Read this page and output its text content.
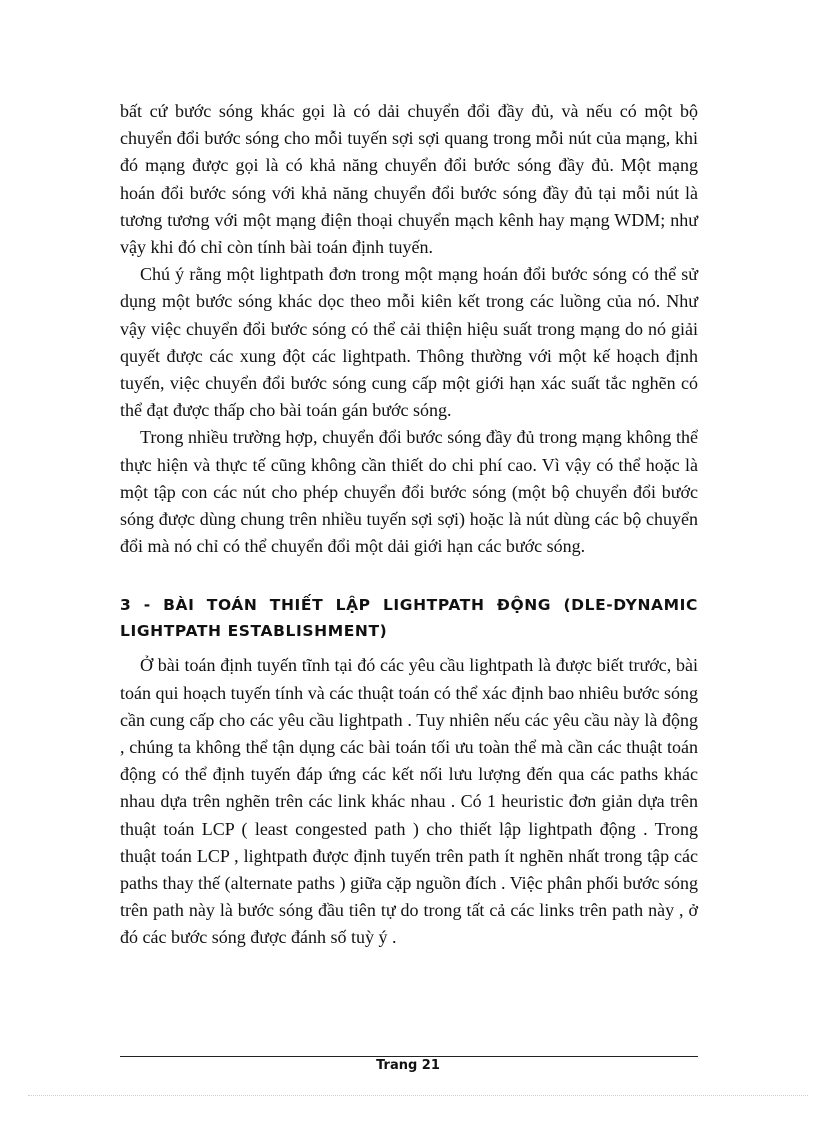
bất cứ bước sóng khác gọi là có dải chuyển đổi đầy đủ, và nếu có một bộ chuyển đổi bước sóng cho mỗi tuyến sợi sợi quang trong mỗi nút của mạng, khi đó mạng được gọi là có khả năng chuyển đổi bước sóng đầy đủ. Một mạng hoán đổi bước sóng với khả năng chuyển đổi bước sóng đầy đủ tại mỗi nút là tương tương với một mạng điện thoại chuyển mạch kênh hay mạng WDM; như vậy khi đó chỉ còn tính bài toán định tuyến.

Chú ý rằng một lightpath đơn trong một mạng hoán đổi bước sóng có thể sử dụng một bước sóng khác dọc theo mỗi kiên kết trong các luồng của nó. Như vậy việc chuyển đổi bước sóng có thể cải thiện hiệu suất trong mạng do nó giải quyết được các xung đột các lightpath. Thông thường với một kế hoạch định tuyến, việc chuyển đổi bước sóng cung cấp một giới hạn xác suất tắc nghẽn có thể đạt được thấp cho bài toán gán bước sóng.

Trong nhiều trường hợp, chuyển đổi bước sóng đầy đủ trong mạng không thể thực hiện và thực tế cũng không cần thiết do chi phí cao. Vì vậy có thể hoặc là một tập con các nút cho phép chuyển đổi bước sóng (một bộ chuyển đổi bước sóng được dùng chung trên nhiều tuyến sợi sợi) hoặc là nút dùng các bộ chuyển đổi mà nó chỉ có thể chuyển đổi một dải giới hạn các bước sóng.

3 - BÀI TOÁN THIẾT LẬP LIGHTPATH ĐỘNG (DLE-DYNAMIC LIGHTPATH ESTABLISHMENT)

Ở bài toán định tuyến tĩnh tại đó các yêu cầu lightpath là được biết trước, bài toán qui hoạch tuyến tính và các thuật toán có thể xác định bao nhiêu bước sóng cần cung cấp cho các yêu cầu lightpath . Tuy nhiên nếu các yêu cầu này là động , chúng ta không thể tận dụng các bài toán tối ưu toàn thể mà cần các thuật toán động có thể định tuyến đáp ứng các kết nối lưu lượng đến qua các paths khác nhau dựa trên nghẽn trên các link khác nhau . Có 1 heuristic đơn giản dựa trên thuật toán LCP ( least congested path ) cho thiết lập lightpath động . Trong thuật toán LCP , lightpath được định tuyến trên path ít nghẽn nhất trong tập các paths thay thế (alternate paths ) giữa cặp nguồn đích . Việc phân phối bước sóng trên path này là bước sóng đầu tiên tự do trong tất cả các links trên path này , ở đó các bước sóng được đánh số tuỳ ý .

Trang 21
